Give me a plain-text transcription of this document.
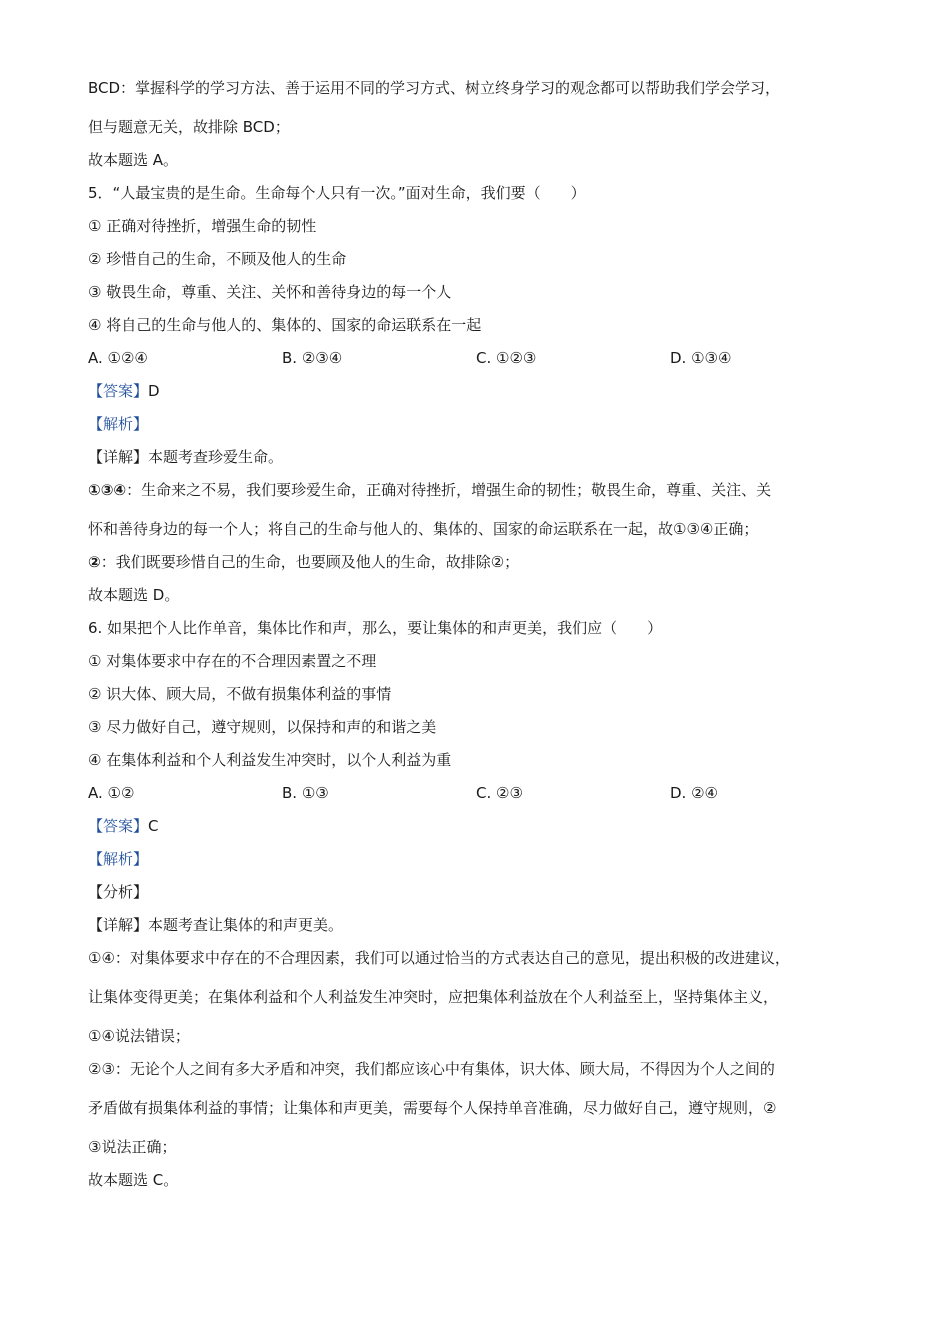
BCD：掌握科学的学习方法、善于运用不同的学习方式、树立终身学习的观念都可以帮助我们学会学习，
但与题意无关，故排除 BCD；
故本题选 A。
5．“人最宝贵的是生命。生命每个人只有一次。”面对生命，我们要（　　）
① 正确对待挫折，增强生命的韧性
② 珍惜自己的生命，不顾及他人的生命
③ 敬畏生命，尊重、关注、关怀和善待身边的每一个人
④ 将自己的生命与他人的、集体的、国家的命运联系在一起
A. ①②④	B. ②③④	C. ①②③	D. ①③④
【答案】D
【解析】
【详解】本题考查珍爱生命。
①③④：生命来之不易，我们要珍爱生命，正确对待挫折，增强生命的韧性；敬畏生命，尊重、关注、关
怀和善待身边的每一个人；将自己的生命与他人的、集体的、国家的命运联系在一起，故①③④正确；
②：我们既要珍惜自己的生命，也要顾及他人的生命，故排除②；
故本题选 D。
6. 如果把个人比作单音，集体比作和声，那么，要让集体的和声更美，我们应（　　）
① 对集体要求中存在的不合理因素置之不理
② 识大体、顾大局，不做有损集体利益的事情
③ 尽力做好自己，遵守规则，以保持和声的和谐之美
④ 在集体利益和个人利益发生冲突时，以个人利益为重
A. ①②	B. ①③	C. ②③	D. ②④
【答案】C
【解析】
【分析】
【详解】本题考查让集体的和声更美。
①④：对集体要求中存在的不合理因素，我们可以通过恰当的方式表达自己的意见，提出积极的改进建议，
让集体变得更美；在集体利益和个人利益发生冲突时，应把集体利益放在个人利益至上，坚持集体主义，
①④说法错误；
②③：无论个人之间有多大矛盾和冲突，我们都应该心中有集体，识大体、顾大局，不得因为个人之间的
矛盾做有损集体利益的事情；让集体和声更美，需要每个人保持单音准确，尽力做好自己，遵守规则，②
③说法正确；
故本题选 C。
